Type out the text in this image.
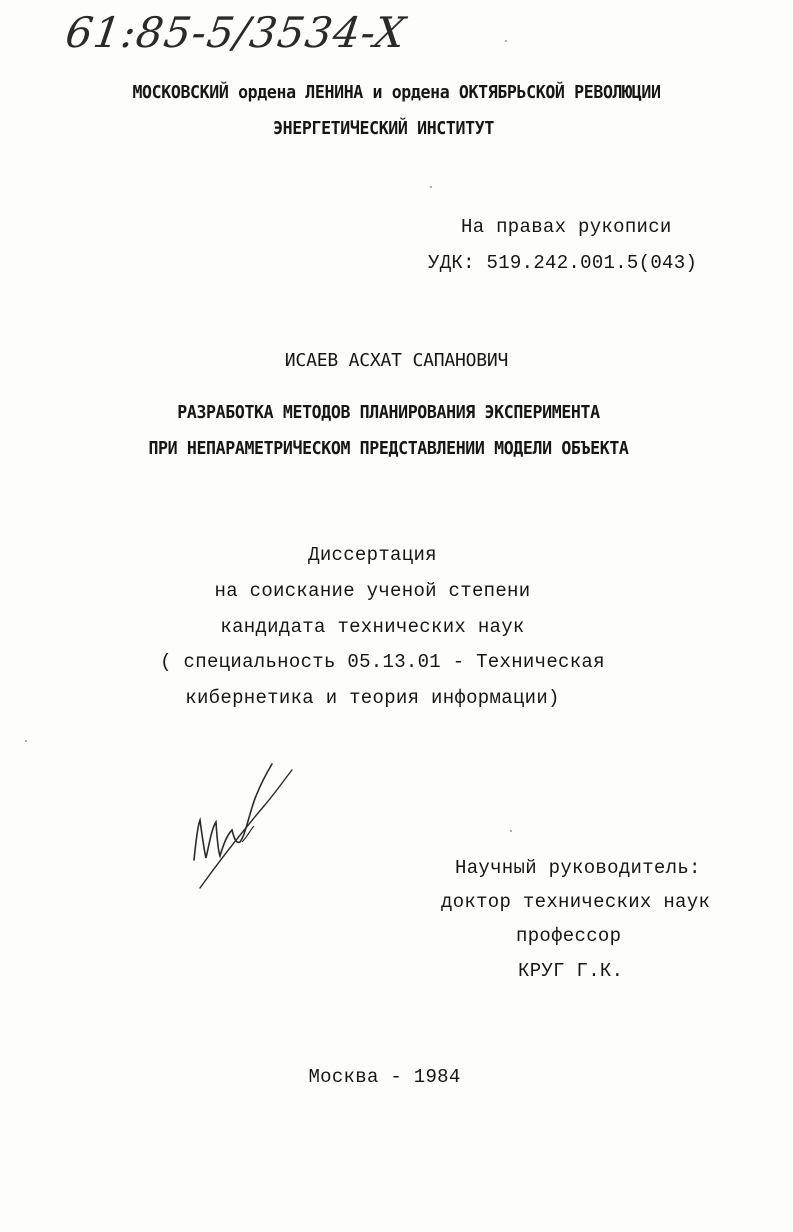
61:85-5/3534-X
МОСКОВСКИЙ ордена ЛЕНИНА и ордена ОКТЯБРЬСКОЙ РЕВОЛЮЦИИ
ЭНЕРГЕТИЧЕСКИЙ ИНСТИТУТ
На правах рукописи
УДК: 519.242.001.5(043)
ИСАЕВ АСХАТ САПАНОВИЧ
РАЗРАБОТКА МЕТОДОВ ПЛАНИРОВАНИЯ ЭКСПЕРИМЕНТА
ПРИ НЕПАРАМЕТРИЧЕСКОМ ПРЕДСТАВЛЕНИИ МОДЕЛИ ОБЪЕКТА
Диссертация
на соискание ученой степени
кандидата технических наук
( специальность 05.13.01 - Техническая
кибернетика и теория информации)
Научный руководитель:
доктор технических наук
профессор
КРУГ Г.К.
Москва - 1984
